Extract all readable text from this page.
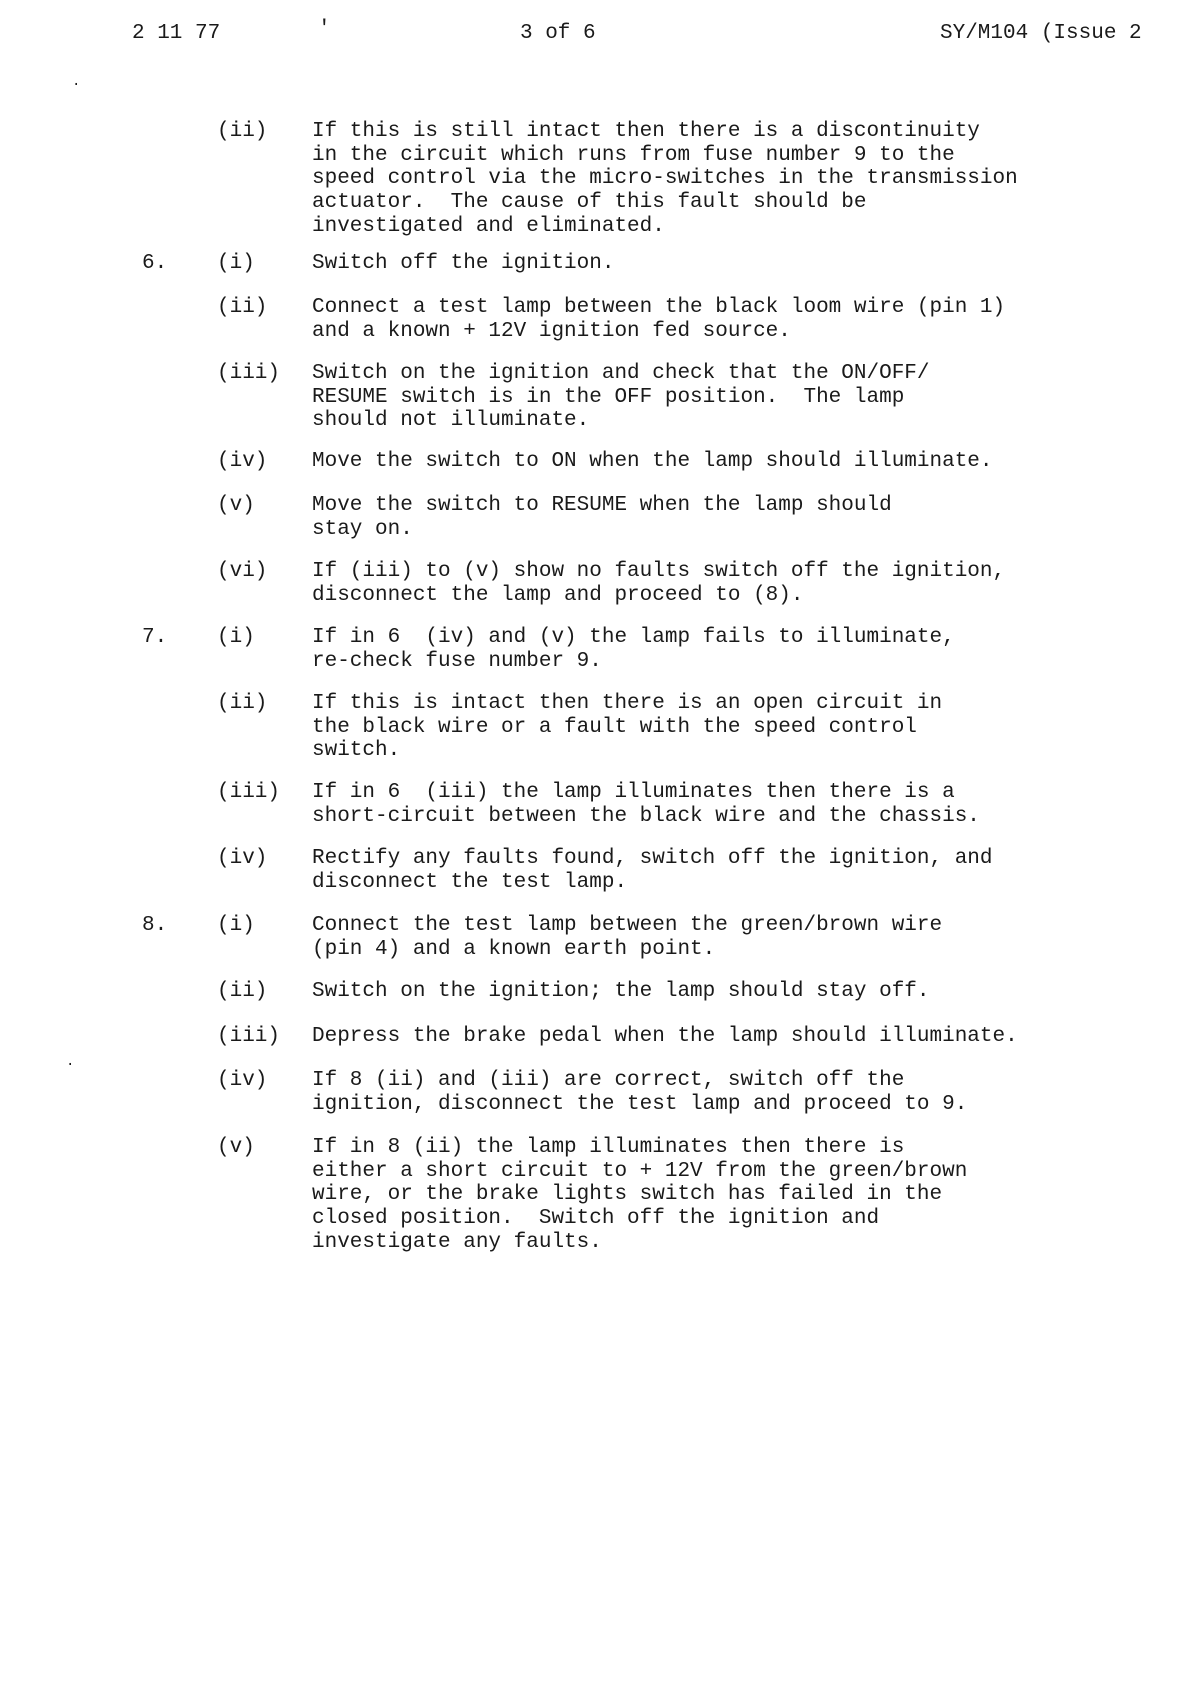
2 11 77	'	3 of 6	SY/M104 (Issue 2
·
·
(ii) If this is still intact then there is a discontinuity
in the circuit which runs from fuse number 9 to the
speed control via the micro-switches in the transmission
actuator.  The cause of this fault should be
investigated and eliminated.
6. (i)	Switch off the ignition.
(ii) Connect a test lamp between the black loom wire (pin 1)
and a known + 12V ignition fed source.
(iii) Switch on the ignition and check that the ON/OFF/
RESUME switch is in the OFF position.  The lamp
should not illuminate.
(iv) Move the switch to ON when the lamp should illuminate.
(v)	Move the switch to RESUME when the lamp should
stay on.
(vi) If (iii) to (v) show no faults switch off the ignition,
disconnect the lamp and proceed to (8).
7. (i)	If in 6  (iv) and (v) the lamp fails to illuminate,
re-check fuse number 9.
(ii) If this is intact then there is an open circuit in
the black wire or a fault with the speed control
switch.
(iii) If in 6  (iii) the lamp illuminates then there is a
short-circuit between the black wire and the chassis.
(iv) Rectify any faults found, switch off the ignition, and
disconnect the test lamp.
8. (i)	Connect the test lamp between the green/brown wire
(pin 4) and a known earth point.
(ii) Switch on the ignition; the lamp should stay off.
(iii) Depress the brake pedal when the lamp should illuminate.
(iv) If 8 (ii) and (iii) are correct, switch off the
ignition, disconnect the test lamp and proceed to 9.
(v)	If in 8 (ii) the lamp illuminates then there is
either a short circuit to + 12V from the green/brown
wire, or the brake lights switch has failed in the
closed position.  Switch off the ignition and
investigate any faults.
